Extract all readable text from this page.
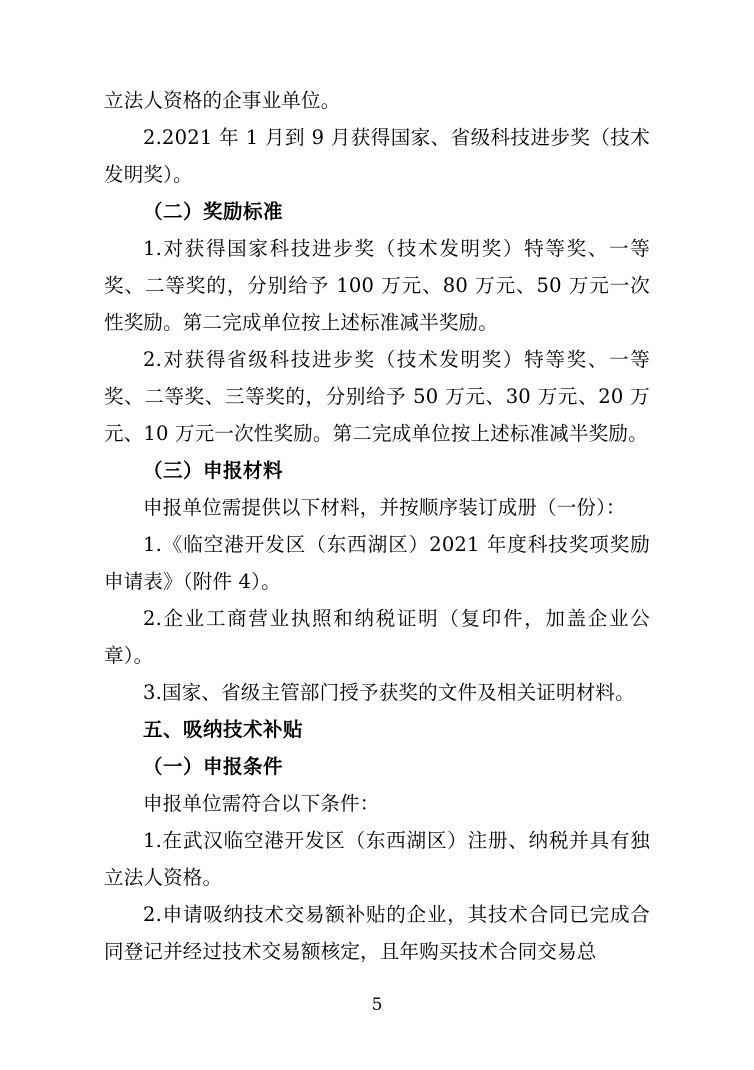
立法人资格的企事业单位。

2.2021 年 1 月到 9 月获得国家、省级科技进步奖（技术发明奖）。

（二）奖励标准

1.对获得国家科技进步奖（技术发明奖）特等奖、一等奖、二等奖的，分别给予 100 万元、80 万元、50 万元一次性奖励。第二完成单位按上述标准减半奖励。

2.对获得省级科技进步奖（技术发明奖）特等奖、一等奖、二等奖、三等奖的，分别给予 50 万元、30 万元、20 万元、10 万元一次性奖励。第二完成单位按上述标准减半奖励。

（三）申报材料

申报单位需提供以下材料，并按顺序装订成册（一份）：

1.《临空港开发区（东西湖区）2021 年度科技奖项奖励申请表》（附件 4）。

2.企业工商营业执照和纳税证明（复印件，加盖企业公章）。

3.国家、省级主管部门授予获奖的文件及相关证明材料。

五、吸纳技术补贴

（一）申报条件

申报单位需符合以下条件：

1.在武汉临空港开发区（东西湖区）注册、纳税并具有独立法人资格。

2.申请吸纳技术交易额补贴的企业，其技术合同已完成合同登记并经过技术交易额核定，且年购买技术合同交易总

5
